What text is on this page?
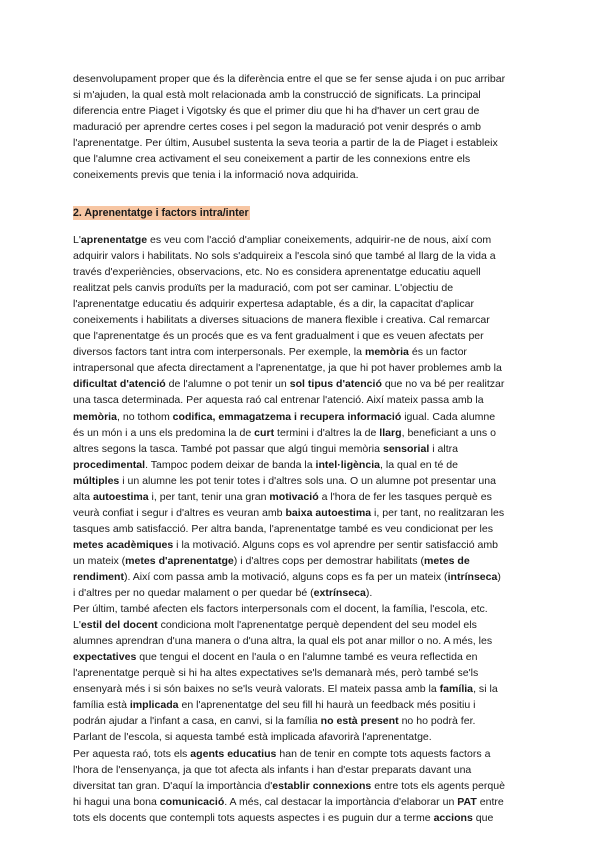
desenvolupament proper que és la diferència entre el que se fer sense ajuda i on puc arribar
si m'ajuden, la qual està molt relacionada amb la construcció de significats. La principal
diferencia entre Piaget i Vigotsky és que el primer diu que hi ha d'haver un cert grau de
maduració per aprendre certes coses i pel segon la maduració pot venir després o amb
l'aprenentatge. Per últim, Ausubel sustenta la seva teoria a partir de la de Piaget i estableix
que l'alumne crea activament el seu coneixement a partir de les connexions entre els
coneixements previs que tenia i la informació nova adquirida.
2. Aprenentatge i factors intra/inter
L'aprenentatge es veu com l'acció d'ampliar coneixements, adquirir-ne de nous, així com
adquirir valors i habilitats. No sols s'adquireix a l'escola sinó que també al llarg de la vida a
través d'experiències, observacions, etc. No es considera aprenentatge educatiu aquell
realitzat pels canvis produïts per la maduració, com pot ser caminar. L'objectiu de
l'aprenentatge educatiu és adquirir expertesa adaptable, és a dir, la capacitat d'aplicar
coneixements i habilitats a diverses situacions de manera flexible i creativa. Cal remarcar
que l'aprenentatge és un procés que es va fent gradualment i que es veuen afectats per
diversos factors tant intra com interpersonals. Per exemple, la memòria és un factor
intrapersonal que afecta directament a l'aprenentatge, ja que hi pot haver problemes amb la
dificultat d'atenció de l'alumne o pot tenir un sol tipus d'atenció que no va bé per realitzar
una tasca determinada. Per aquesta raó cal entrenar l'atenció. Així mateix passa amb la
memòria, no tothom codifica, emmagatzema i recupera informació igual. Cada alumne
és un món i a uns els predomina la de curt termini i d'altres la de llarg, beneficiant a uns o
altres segons la tasca. També pot passar que algú tingui memòria sensorial i altra
procedimental. Tampoc podem deixar de banda la intel·ligència, la qual en té de
múltiples i un alumne les pot tenir totes i d'altres sols una. O un alumne pot presentar una
alta autoestima i, per tant, tenir una gran motivació a l'hora de fer les tasques perquè es
veurà confiat i segur i d'altres es veuran amb baixa autoestima i, per tant, no realitzaran les
tasques amb satisfacció. Per altra banda, l'aprenentatge també es veu condicionat per les
metes acadèmiques i la motivació. Alguns cops es vol aprendre per sentir satisfacció amb
un mateix (metes d'aprenentatge) i d'altres cops per demostrar habilitats (metes de
rendiment). Així com passa amb la motivació, alguns cops es fa per un mateix (intrínseca)
i d'altres per no quedar malament o per quedar bé (extrínseca).
Per últim, també afecten els factors interpersonals com el docent, la família, l'escola, etc.
L'estil del docent condiciona molt l'aprenentatge perquè dependent del seu model els
alumnes aprendran d'una manera o d'una altra, la qual els pot anar millor o no. A més, les
expectatives que tengui el docent en l'aula o en l'alumne també es veura reflectida en
l'aprenentatge perquè si hi ha altes expectatives se'ls demanarà més, però també se'ls
ensenyarà més i si són baixes no se'ls veurà valorats. El mateix passa amb la família, si la
família està implicada en l'aprenentatge del seu fill hi haurà un feedback més positiu i
podrán ajudar a l'infant a casa, en canvi, si la família no està present no ho podrà fer.
Parlant de l'escola, si aquesta també està implicada afavorirà l'aprenentatge.
Per aquesta raó, tots els agents educatius han de tenir en compte tots aquests factors a
l'hora de l'ensenyança, ja que tot afecta als infants i han d'estar preparats davant una
diversitat tan gran. D'aquí la importància d'establir connexions entre tots els agents perquè
hi hagui una bona comunicació. A més, cal destacar la importància d'elaborar un PAT entre
tots els docents que contempli tots aquests aspectes i es puguin dur a terme accions que
